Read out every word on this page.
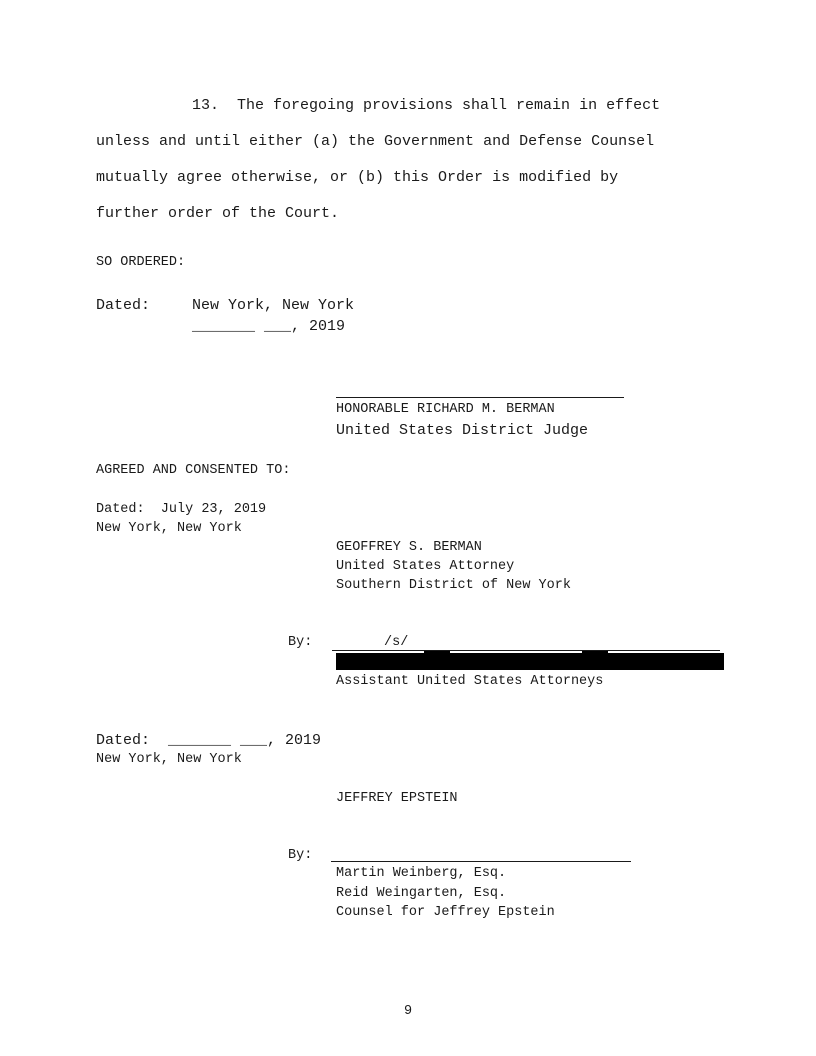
13.  The foregoing provisions shall remain in effect
unless and until either (a) the Government and Defense Counsel
mutually agree otherwise, or (b) this Order is modified by
further order of the Court.
SO ORDERED:
Dated:	New York, New York
_______ ___, 2019
HONORABLE RICHARD M. BERMAN
United States District Judge
AGREED AND CONSENTED TO:
Dated:  July 23, 2019
New York, New York
GEOFFREY S. BERMAN
United States Attorney
Southern District of New York
By:	/s/
Assistant United States Attorneys
Dated:  _______ ___, 2019
New York, New York
JEFFREY EPSTEIN
By:
Martin Weinberg, Esq.
Reid Weingarten, Esq.
Counsel for Jeffrey Epstein
9
